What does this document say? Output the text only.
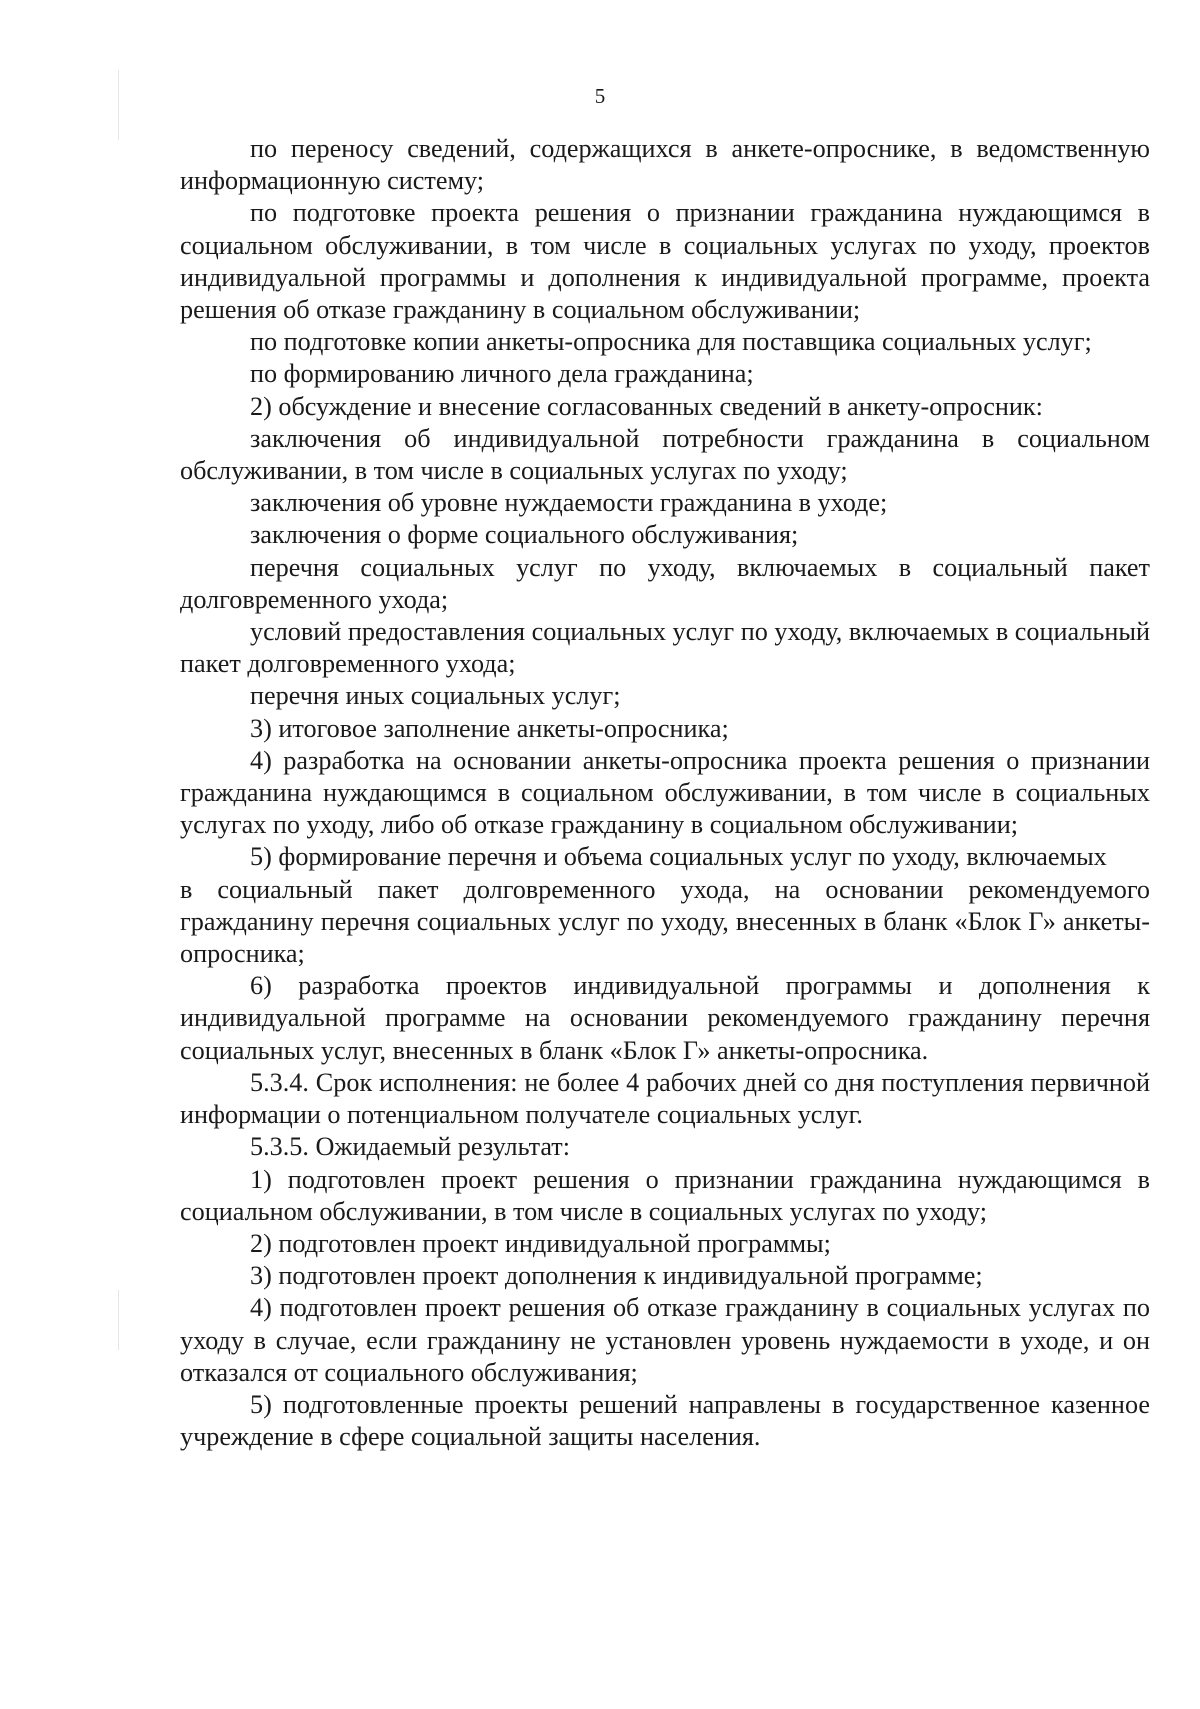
5

по переносу сведений, содержащихся в анкете-опроснике, в ведомственную информационную систему;

по подготовке проекта решения о признании гражданина нуждающимся в социальном обслуживании, в том числе в социальных услугах по уходу, проектов индивидуальной программы и дополнения к индивидуальной программе, проекта решения об отказе гражданину в социальном обслуживании;

по подготовке копии анкеты-опросника для поставщика социальных услуг;

по формированию личного дела гражданина;

2) обсуждение и внесение согласованных сведений в анкету-опросник:

заключения об индивидуальной потребности гражданина в социальном обслуживании, в том числе в социальных услугах по уходу;

заключения об уровне нуждаемости гражданина в уходе;

заключения о форме социального обслуживания;

перечня социальных услуг по уходу, включаемых в социальный пакет долговременного ухода;

условий предоставления социальных услуг по уходу, включаемых в социальный пакет долговременного ухода;

перечня иных социальных услуг;

3) итоговое заполнение анкеты-опросника;

4) разработка на основании анкеты-опросника проекта решения о признании гражданина нуждающимся в социальном обслуживании, в том числе в социальных услугах по уходу, либо об отказе гражданину в социальном обслуживании;

5) формирование перечня и объема социальных услуг по уходу, включаемых

в социальный пакет долговременного ухода, на основании рекомендуемого гражданину перечня социальных услуг по уходу, внесенных в бланк «Блок Г» анкеты-опросника;

6) разработка проектов индивидуальной программы и дополнения к индивидуальной программе на основании рекомендуемого гражданину перечня социальных услуг, внесенных в бланк «Блок Г» анкеты-опросника.

5.3.4. Срок исполнения: не более 4 рабочих дней со дня поступления первичной информации о потенциальном получателе социальных услуг.

5.3.5. Ожидаемый результат:

1) подготовлен проект решения о признании гражданина нуждающимся в социальном обслуживании, в том числе в социальных услугах по уходу;

2) подготовлен проект индивидуальной программы;

3) подготовлен проект дополнения к индивидуальной программе;

4) подготовлен проект решения об отказе гражданину в социальных услугах по уходу в случае, если гражданину не установлен уровень нуждаемости в уходе, и он отказался от социального обслуживания;

5) подготовленные проекты решений направлены в государственное казенное учреждение в сфере социальной защиты населения.
